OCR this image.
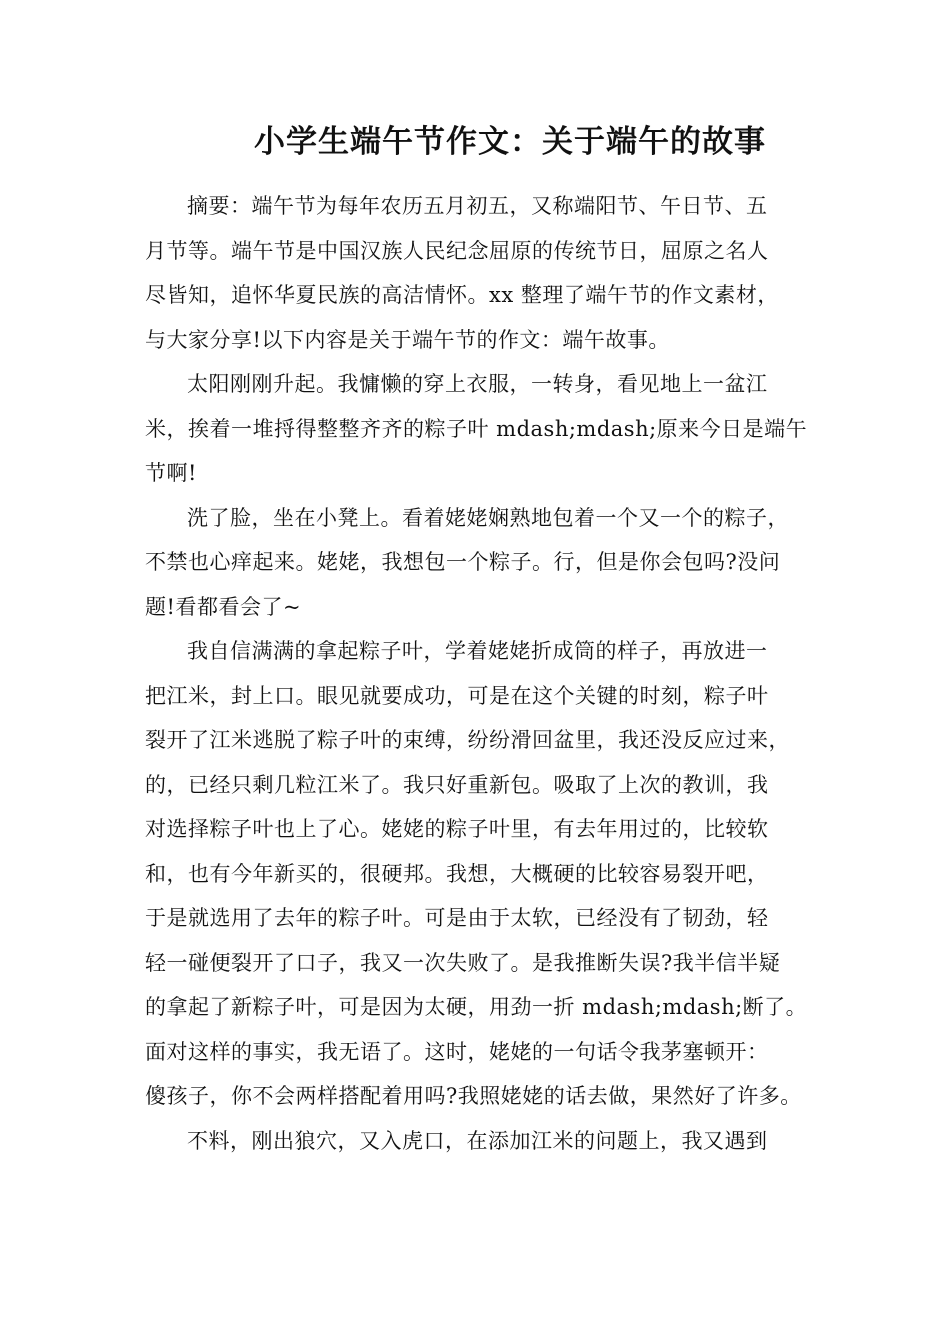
小学生端午节作文：关于端午的故事

摘要：端午节为每年农历五月初五，又称端阳节、午日节、五
月节等。端午节是中国汉族人民纪念屈原的传统节日，屈原之名人
尽皆知，追怀华夏民族的高洁情怀。xx 整理了端午节的作文素材，
与大家分享!以下内容是关于端午节的作文：端午故事。

太阳刚刚升起。我慵懒的穿上衣服，一转身，看见地上一盆江
米，挨着一堆捋得整整齐齐的粽子叶 mdash;mdash;原来今日是端午
节啊!

洗了脸，坐在小凳上。看着姥姥娴熟地包着一个又一个的粽子，
不禁也心痒起来。姥姥，我想包一个粽子。行，但是你会包吗?没问
题!看都看会了~

我自信满满的拿起粽子叶，学着姥姥折成筒的样子，再放进一
把江米，封上口。眼见就要成功，可是在这个关键的时刻，粽子叶
裂开了江米逃脱了粽子叶的束缚，纷纷滑回盆里，我还没反应过来，
的，已经只剩几粒江米了。我只好重新包。吸取了上次的教训，我
对选择粽子叶也上了心。姥姥的粽子叶里，有去年用过的，比较软
和，也有今年新买的，很硬邦。我想，大概硬的比较容易裂开吧，
于是就选用了去年的粽子叶。可是由于太软，已经没有了韧劲，轻
轻一碰便裂开了口子，我又一次失败了。是我推断失误?我半信半疑
的拿起了新粽子叶，可是因为太硬，用劲一折 mdash;mdash;断了。
面对这样的事实，我无语了。这时，姥姥的一句话令我茅塞顿开：
傻孩子，你不会两样搭配着用吗?我照姥姥的话去做，果然好了许多。

不料，刚出狼穴，又入虎口，在添加江米的问题上，我又遇到
